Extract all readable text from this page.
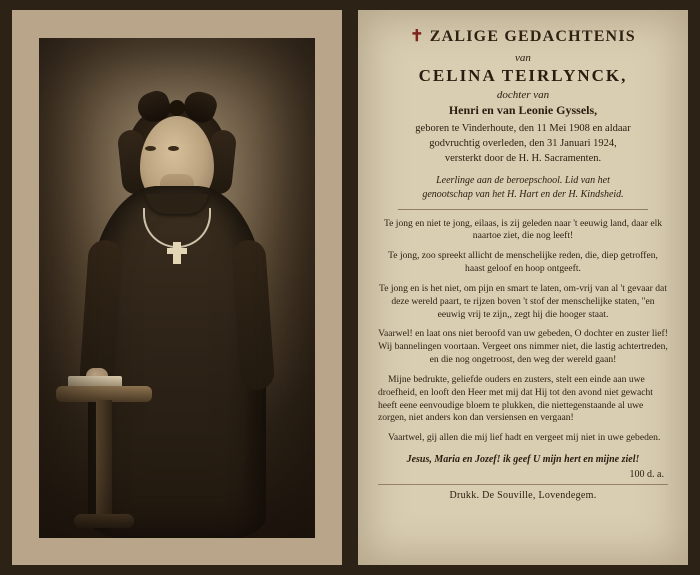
✝ ZALIGE GEDACHTENIS
van
CELINA TEIRLYNCK,
dochter van
Henri en van Leonie Gyssels,
geboren te Vinderhoute, den 11 Mei 1908 en aldaar
godvruchtig overleden, den 31 Januari 1924,
versterkt door de H. H. Sacramenten.
Leerlinge aan de beroepschool. Lid van het
genootschap van het H. Hart en der H. Kindsheid.
Te jong en niet te jong, eilaas, is zij geleden naar 't eeuwig land, daar elk naartoe ziet, die nog leeft!
Te jong, zoo spreekt allicht de menschelijke reden, die, diep getroffen, haast geloof en hoop ontgeeft.
Te jong en is het niet, om pijn en smart te laten, om-vrij van al 't gevaar dat deze wereld paart, te rijzen boven 't stof der menschelijke staten, "en eeuwig vrij te zijn,, zegt hij die hooger staat.
Vaarwel! en laat ons niet beroofd van uw gebeden, O dochter en zuster lief! Wij bannelingen voortaan. Vergeet ons nimmer niet, die lastig achtertreden, en die nog ongetroost, den weg der wereld gaan!
Mijne bedrukte, geliefde ouders en zusters, stelt een einde aan uwe droefheid, en looft den Heer met mij dat Hij tot den avond niet gewacht heeft eene eenvoudige bloem te plukken, die niettegenstaande al uwe zorgen, niet anders kon dan versiensen en vergaan!
Vaartwel, gij allen die mij lief hadt en vergeet mij niet in uwe gebeden.
Jesus, Maria en Jozef! ik geef U mijn hert en mijne ziel!
100 d. a.
Drukk. De Souville, Lovendegem.
